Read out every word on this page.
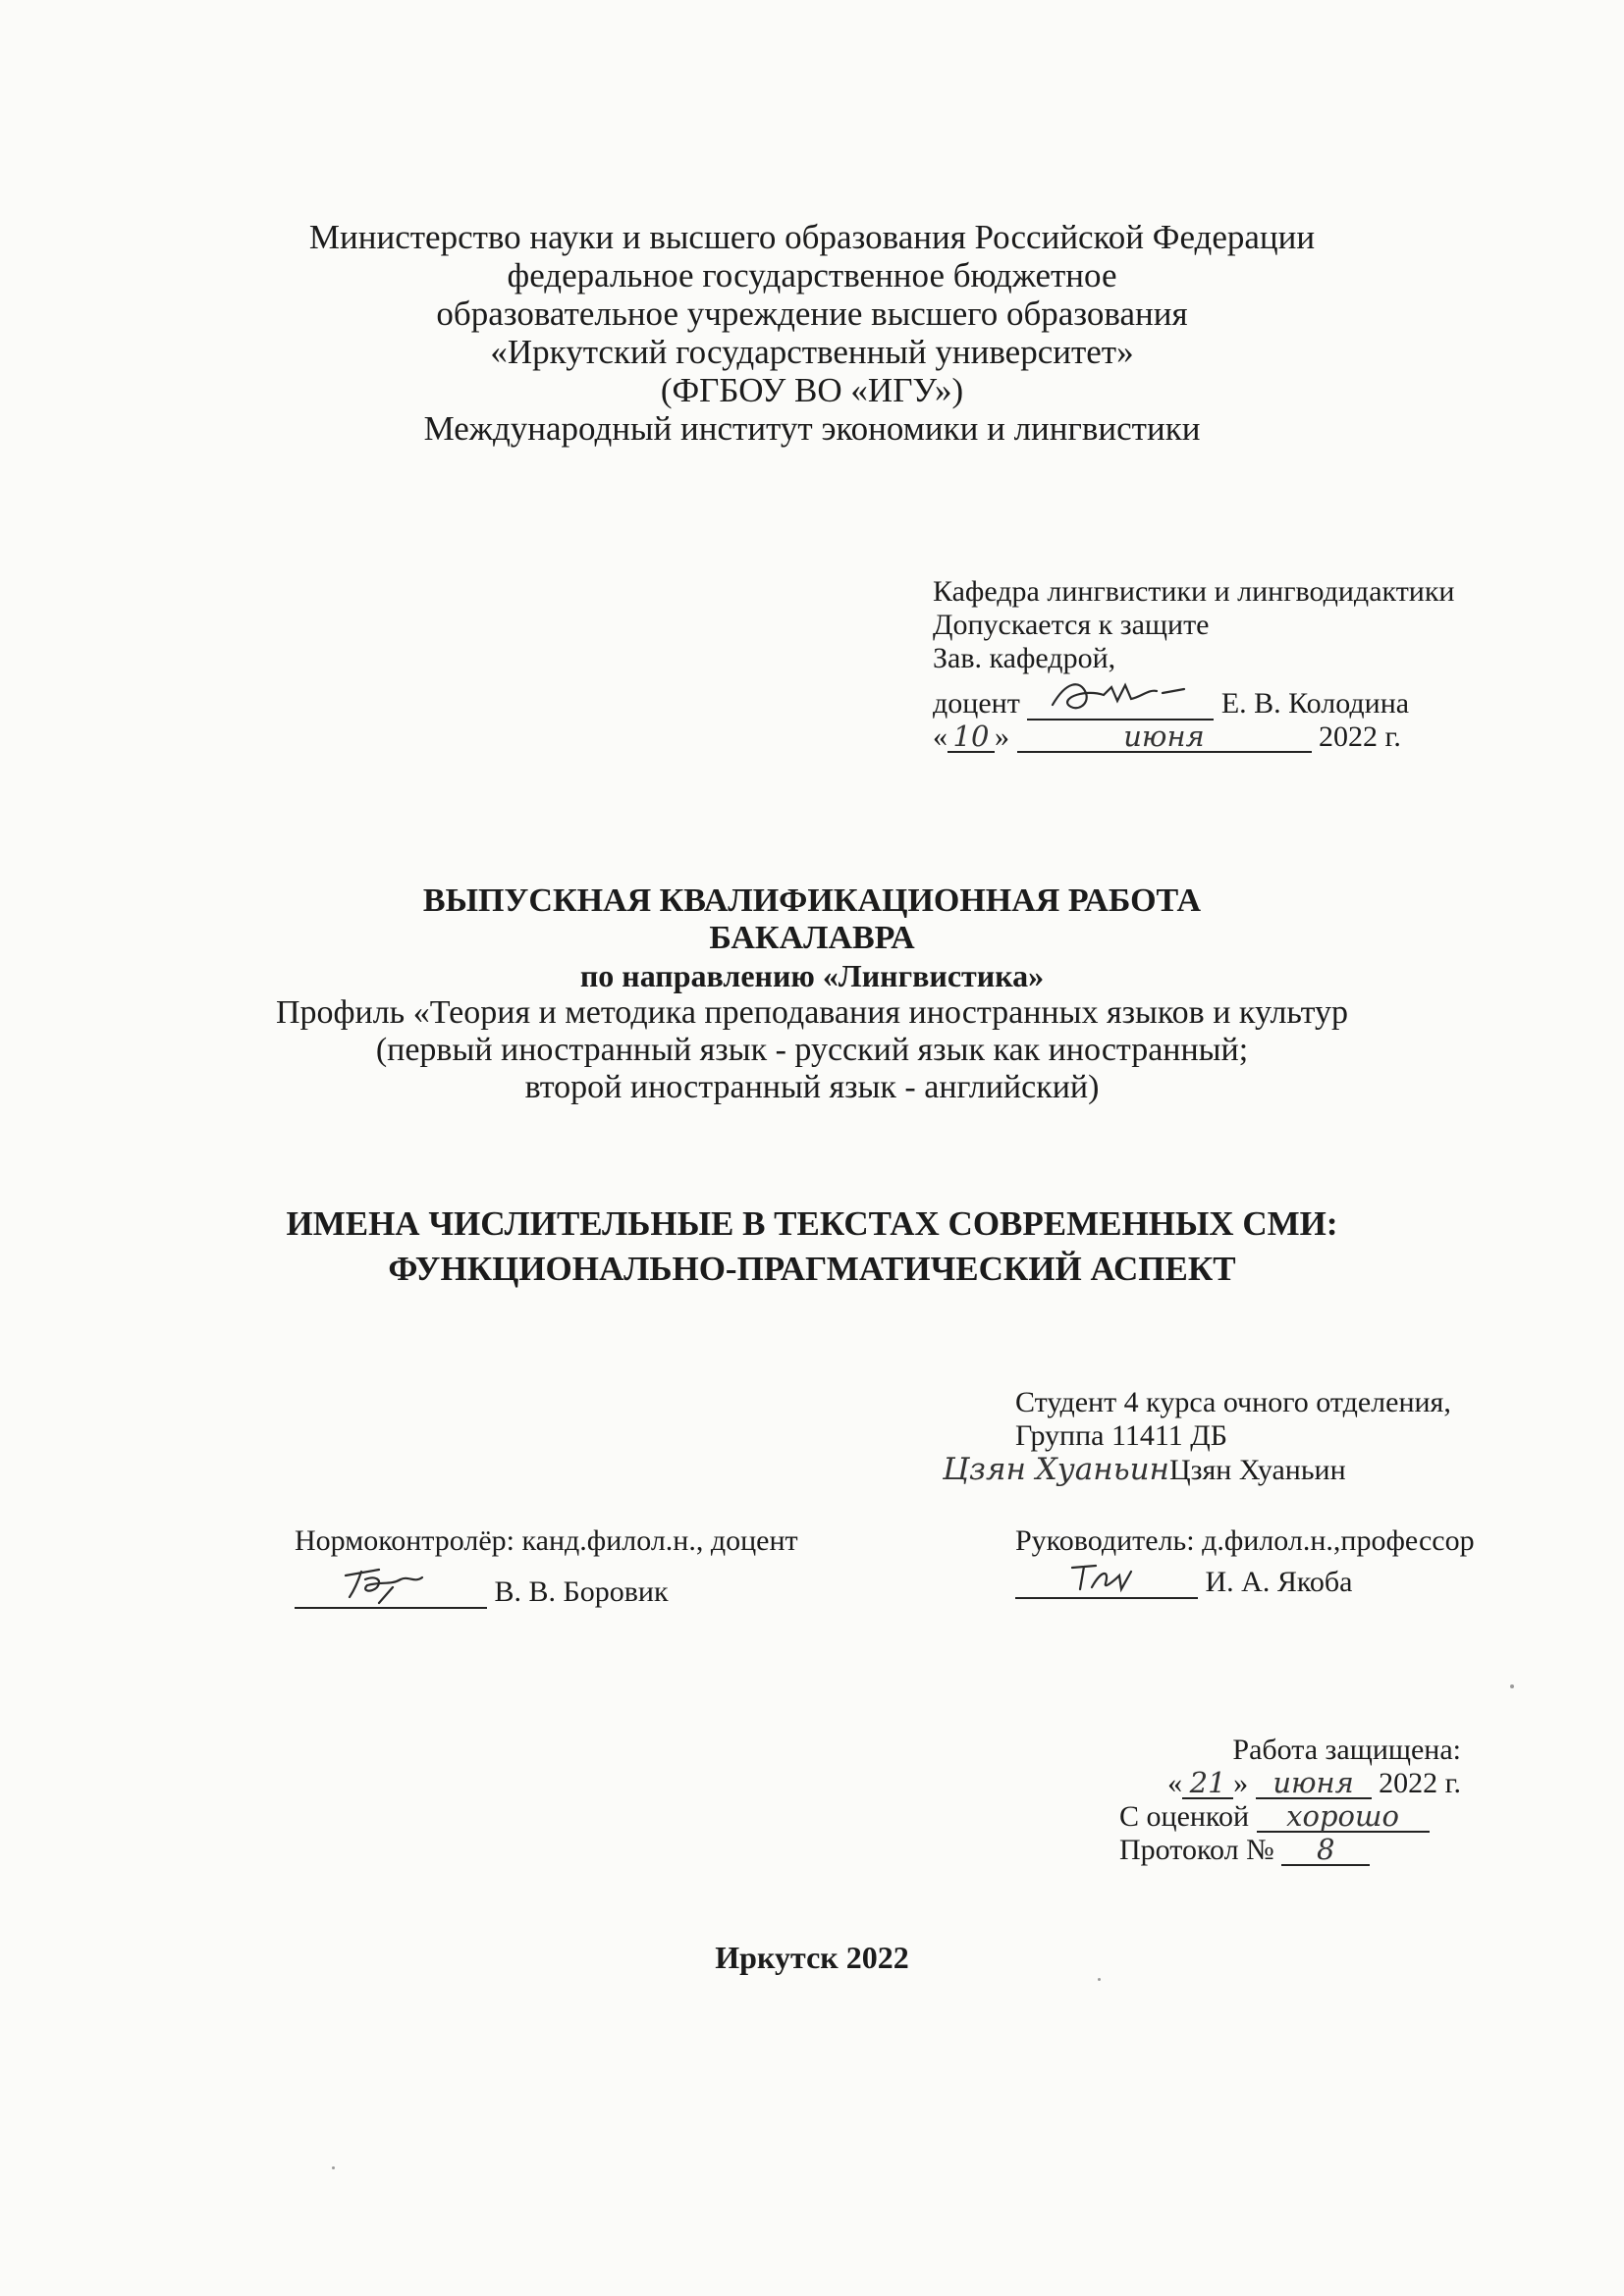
Министерство науки и высшего образования Российской Федерации
федеральное государственное бюджетное
образовательное учреждение высшего образования
«Иркутский государственный университет»
(ФГБОУ ВО «ИГУ»)
Международный институт экономики и лингвистики
Кафедра лингвистики и лингводидактики
Допускается к защите
Зав. кафедрой,
доцент	Е. В. Колодина
« 10 »	июня	2022 г.
ВЫПУСКНАЯ КВАЛИФИКАЦИОННАЯ РАБОТА
БАКАЛАВРА
по направлению «Лингвистика»
Профиль «Теория и методика преподавания иностранных языков и культур
(первый иностранный язык - русский язык как иностранный;
второй иностранный язык - английский)
ИМЕНА ЧИСЛИТЕЛЬНЫЕ В ТЕКСТАХ СОВРЕМЕННЫХ СМИ:
ФУНКЦИОНАЛЬНО-ПРАГМАТИЧЕСКИЙ АСПЕКТ
Студент 4 курса очного отделения,
Группа 11411 ДБ
Цзян ХуаньинЦзян Хуаньин
Нормоконтролёр: канд.филол.н., доцент
В. В. Боровик
Руководитель: д.филол.н.,профессор
И. А. Якоба
Работа защищена:
« 21 » июня 2022 г.
С оценкой хорошо
Протокол № 8
Иркутск 2022
